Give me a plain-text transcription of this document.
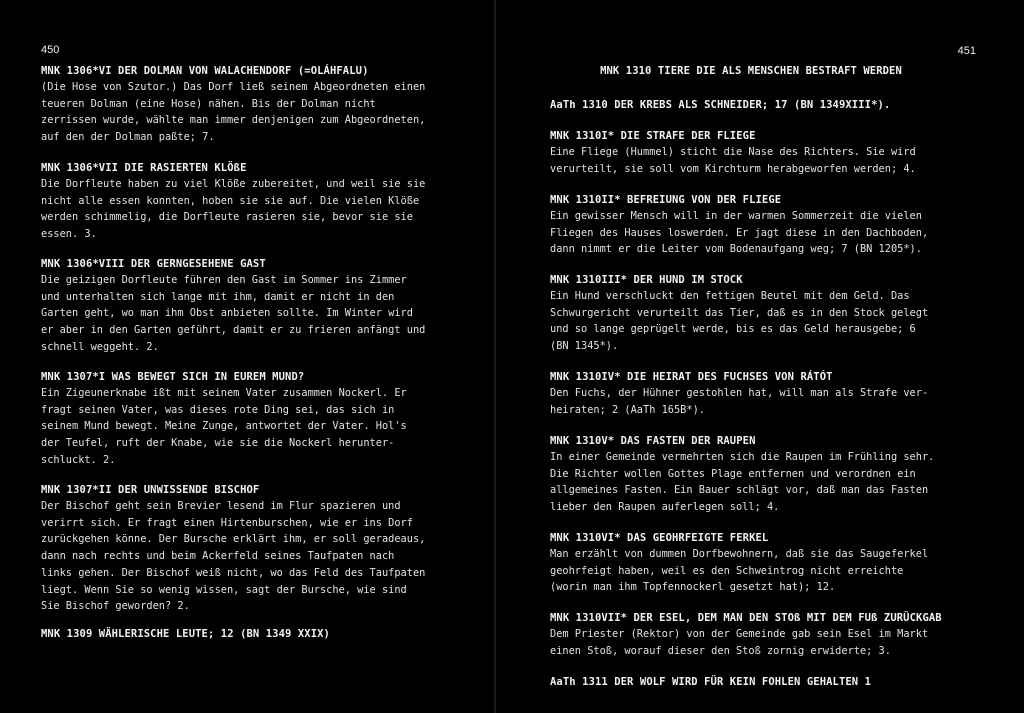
450	451
MNK 1306*VI DER DOLMAN VON WALACHENDORF (=OLÁHFALU)
(Die Hose von Szutor.) Das Dorf ließ seinem Abgeordneten einen
teueren Dolman (eine Hose) nähen. Bis der Dolman nicht
zerrissen wurde, wählte man immer denjenigen zum Abgeordneten,
auf den der Dolman paßte; 7.
MNK 1306*VII DIE RASIERTEN KLÖßE
Die Dorfleute haben zu viel Klöße zubereitet, und weil sie sie
nicht alle essen konnten, hoben sie sie auf. Die vielen Klöße
werden schimmelig, die Dorfleute rasieren sie, bevor sie sie
essen. 3.
MNK 1306*VIII DER GERNGESEHENE GAST
Die geizigen Dorfleute führen den Gast im Sommer ins Zimmer
und unterhalten sich lange mit ihm, damit er nicht in den
Garten geht, wo man ihm Obst anbieten sollte. Im Winter wird
er aber in den Garten geführt, damit er zu frieren anfängt und
schnell weggeht. 2.
MNK 1307*I WAS BEWEGT SICH IN EUREM MUND?
Ein Zigeunerknabe ißt mit seinem Vater zusammen Nockerl. Er
fragt seinen Vater, was dieses rote Ding sei, das sich in
seinem Mund bewegt. Meine Zunge, antwortet der Vater. Hol's
der Teufel, ruft der Knabe, wie sie die Nockerl herunter-
schluckt. 2.
MNK 1307*II DER UNWISSENDE BISCHOF
Der Bischof geht sein Brevier lesend im Flur spazieren und
verirrt sich. Er fragt einen Hirtenburschen, wie er ins Dorf
zurückgehen könne. Der Bursche erklärt ihm, er soll geradeaus,
dann nach rechts und beim Ackerfeld seines Taufpaten nach
links gehen. Der Bischof weiß nicht, wo das Feld des Taufpaten
liegt. Wenn Sie so wenig wissen, sagt der Bursche, wie sind
Sie Bischof geworden? 2.
MNK 1309 WÄHLERISCHE LEUTE; 12 (BN 1349 XXIX)
MNK 1310 TIERE DIE ALS MENSCHEN BESTRAFT WERDEN
AaTh 1310 DER KREBS ALS SCHNEIDER; 17 (BN 1349XIII*).
MNK 1310I* DIE STRAFE DER FLIEGE
Eine Fliege (Hummel) sticht die Nase des Richters. Sie wird
verurteilt, sie soll vom Kirchturm herabgeworfen werden; 4.
MNK 1310II* BEFREIUNG VON DER FLIEGE
Ein gewisser Mensch will in der warmen Sommerzeit die vielen
Fliegen des Hauses loswerden. Er jagt diese in den Dachboden,
dann nimmt er die Leiter vom Bodenaufgang weg; 7 (BN 1205*).
MNK 1310III* DER HUND IM STOCK
Ein Hund verschluckt den fettigen Beutel mit dem Geld. Das
Schwurgericht verurteilt das Tier, daß es in den Stock gelegt
und so lange geprügelt werde, bis es das Geld herausgebe; 6
(BN 1345*).
MNK 1310IV* DIE HEIRAT DES FUCHSES VON RÁTÓT
Den Fuchs, der Hühner gestohlen hat, will man als Strafe ver-
heiraten; 2 (AaTh 165B*).
MNK 1310V* DAS FASTEN DER RAUPEN
In einer Gemeinde vermehrten sich die Raupen im Frühling sehr.
Die Richter wollen Gottes Plage entfernen und verordnen ein
allgemeines Fasten. Ein Bauer schlägt vor, daß man das Fasten
lieber den Raupen auferlegen soll; 4.
MNK 1310VI* DAS GEOHRFEIGTE FERKEL
Man erzählt von dummen Dorfbewohnern, daß sie das Saugeferkel
geohrfeigt haben, weil es den Schweintrog nicht erreichte
(worin man ihm Topfennockerl gesetzt hat); 12.
MNK 1310VII* DER ESEL, DEM MAN DEN STOß MIT DEM FUß ZURÜCKGAB
Dem Priester (Rektor) von der Gemeinde gab sein Esel im Markt
einen Stoß, worauf dieser den Stoß zornig erwiderte; 3.
AaTh 1311 DER WOLF WIRD FÜR KEIN FOHLEN GEHALTEN 1
